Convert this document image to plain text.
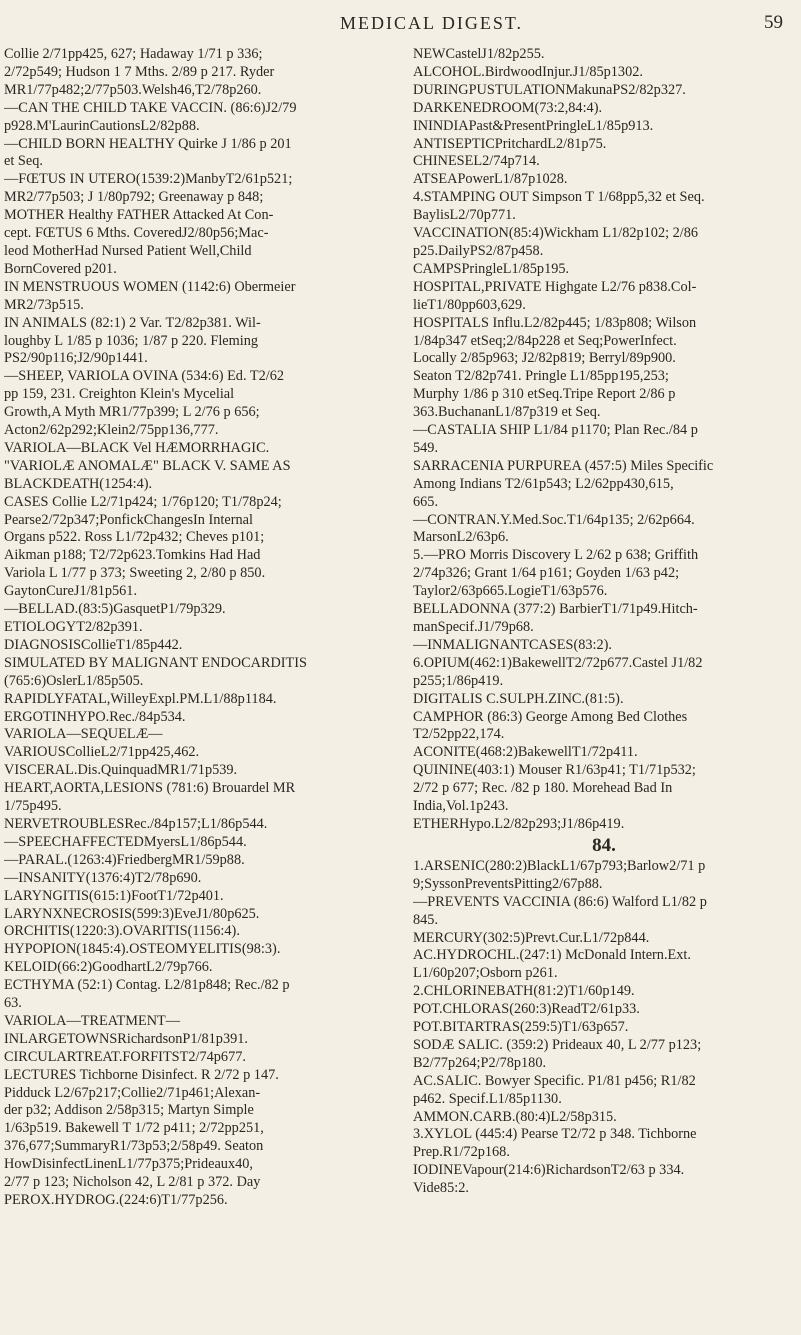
MEDICAL DIGEST.	59

Collie 2/71pp425, 627; Hadaway 1/71 p 336;

2/72p549; Hudson 1 7 Mths. 2/89 p 217. Ryder

MR1/77p482;2/77p503.Welsh46,T2/78p260.

—CAN THE CHILD TAKE VACCIN. (86:6)J2/79

p928.M'LaurinCautionsL2/82p88.

—CHILD BORN HEALTHY Quirke J 1/86 p 201

et Seq.

—FŒTUS IN UTERO(1539:2)ManbyT2/61p521;

MR2/77p503; J 1/80p792; Greenaway p 848;

MOTHER Healthy FATHER Attacked At Con-

cept. FŒTUS 6 Mths. CoveredJ2/80p56;Mac-

leod MotherHad Nursed Patient Well,Child

BornCovered p201.

IN MENSTRUOUS WOMEN (1142:6) Obermeier

MR2/73p515.

IN ANIMALS (82:1) 2 Var. T2/82p381. Wil-

loughby L 1/85 p 1036; 1/87 p 220. Fleming

PS2/90p116;J2/90p1441.

—SHEEP, VARIOLA OVINA (534:6) Ed. T2/62

pp 159, 231. Creighton Klein's Mycelial

Growth,A Myth MR1/77p399; L 2/76 p 656;

Acton2/62p292;Klein2/75pp136,777.

VARIOLA—BLACK Vel HÆMORRHAGIC.

"VARIOLÆ ANOMALÆ" BLACK V. SAME AS

BLACKDEATH(1254:4).

CASES Collie L2/71p424; 1/76p120; T1/78p24;

Pearse2/72p347;PonfickChangesIn Internal

Organs p522. Ross L1/72p432; Cheves p101;

Aikman p188; T2/72p623.Tomkins Had Had

Variola L 1/77 p 373; Sweeting 2, 2/80 p 850.

GaytonCureJ1/81p561.

—BELLAD.(83:5)GasquetP1/79p329.

ETIOLOGYT2/82p391.

DIAGNOSISCollieT1/85p442.

SIMULATED BY MALIGNANT ENDOCARDITIS

(765:6)OslerL1/85p505.

RAPIDLYFATAL,WilleyExpl.PM.L1/88p1184.

ERGOTINHYPO.Rec./84p534.

VARIOLA—SEQUELÆ—

VARIOUSCollieL2/71pp425,462.

VISCERAL.Dis.QuinquadMR1/71p539.

HEART,AORTA,LESIONS (781:6) Brouardel MR

1/75p495.

NERVETROUBLESRec./84p157;L1/86p544.

—SPEECHAFFECTEDMyersL1/86p544.

—PARAL.(1263:4)FriedbergMR1/59p88.

—INSANITY(1376:4)T2/78p690.

LARYNGITIS(615:1)FootT1/72p401.

LARYNXNECROSIS(599:3)EveJ1/80p625.

ORCHITIS(1220:3).OVARITIS(1156:4).

HYPOPION(1845:4).OSTEOMYELITIS(98:3).

KELOID(66:2)GoodhartL2/79p766.

ECTHYMA (52:1) Contag. L2/81p848; Rec./82 p

63.

VARIOLA—TREATMENT—

INLARGETOWNSRichardsonP1/81p391.

CIRCULARTREAT.FORFITST2/74p677.

LECTURES Tichborne Disinfect. R 2/72 p 147.

Pidduck L2/67p217;Collie2/71p461;Alexan-

der p32; Addison 2/58p315; Martyn Simple

1/63p519. Bakewell T 1/72 p411; 2/72pp251,

376,677;SummaryR1/73p53;2/58p49. Seaton

HowDisinfectLinenL1/77p375;Prideaux40,

2/77 p 123; Nicholson 42, L 2/81 p 372. Day

PEROX.HYDROG.(224:6)T1/77p256.

NEWCastelJ1/82p255.

ALCOHOL.BirdwoodInjur.J1/85p1302.

DURINGPUSTULATIONMakunaPS2/82p327.

DARKENEDROOM(73:2,84:4).

ININDIAPast&PresentPringleL1/85p913.

ANTISEPTICPritchardL2/81p75.

CHINESEL2/74p714.

ATSEAPowerL1/87p1028.

4.STAMPING OUT Simpson T 1/68pp5,32 et Seq.

BaylisL2/70p771.

VACCINATION(85:4)Wickham L1/82p102; 2/86

p25.DailyPS2/87p458.

CAMPSPringleL1/85p195.

HOSPITAL,PRIVATE Highgate L2/76 p838.Col-

lieT1/80pp603,629.

HOSPITALS Influ.L2/82p445; 1/83p808; Wilson

1/84p347 etSeq;2/84p228 et Seq;PowerInfect.

Locally 2/85p963; J2/82p819; Berryl/89p900.

Seaton T2/82p741. Pringle L1/85pp195,253;

Murphy 1/86 p 310 etSeq.Tripe Report 2/86 p

363.BuchananL1/87p319 et Seq.

—CASTALIA SHIP L1/84 p1170; Plan Rec./84 p

549.

SARRACENIA PURPUREA (457:5) Miles Specific

Among Indians T2/61p543; L2/62pp430,615,

665.

—CONTRAN.Y.Med.Soc.T1/64p135; 2/62p664.

MarsonL2/63p6.

5.—PRO Morris Discovery L 2/62 p 638; Griffith

2/74p326; Grant 1/64 p161; Goyden 1/63 p42;

Taylor2/63p665.LogieT1/63p576.

BELLADONNA (377:2) BarbierT1/71p49.Hitch-

manSpecif.J1/79p68.

—INMALIGNANTCASES(83:2).

6.OPIUM(462:1)BakewellT2/72p677.Castel J1/82

p255;1/86p419.

DIGITALIS C.SULPH.ZINC.(81:5).

CAMPHOR (86:3) George Among Bed Clothes

T2/52pp22,174.

ACONITE(468:2)BakewellT1/72p411.

QUININE(403:1) Mouser R1/63p41; T1/71p532;

2/72 p 677; Rec. /82 p 180. Morehead Bad In

India,Vol.1p243.

ETHERHypo.L2/82p293;J1/86p419.

84.

1.ARSENIC(280:2)BlackL1/67p793;Barlow2/71 p

9;SyssonPreventsPitting2/67p88.

—PREVENTS VACCINIA (86:6) Walford L1/82 p

845.

MERCURY(302:5)Prevt.Cur.L1/72p844.

AC.HYDROCHL.(247:1) McDonald Intern.Ext.

L1/60p207;Osborn p261.

2.CHLORINEBATH(81:2)T1/60p149.

POT.CHLORAS(260:3)ReadT2/61p33.

POT.BITARTRAS(259:5)T1/63p657.

SODÆ SALIC. (359:2) Prideaux 40, L 2/77 p123;

B2/77p264;P2/78p180.

AC.SALIC. Bowyer Specific. P1/81 p456; R1/82

p462. Specif.L1/85p1130.

AMMON.CARB.(80:4)L2/58p315.

3.XYLOL (445:4) Pearse T2/72 p 348. Tichborne

Prep.R1/72p168.

IODINEVapour(214:6)RichardsonT2/63 p 334.

Vide85:2.
